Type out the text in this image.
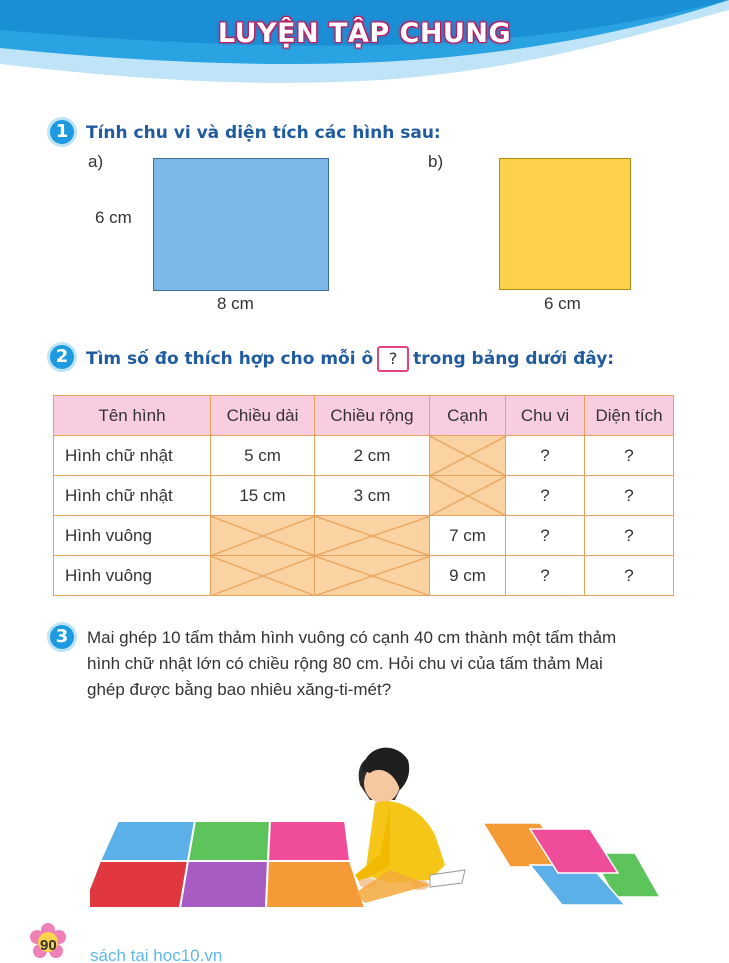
LUYỆN TẬP CHUNG
1	Tính chu vi và diện tích các hình sau:
a)
6 cm
8 cm
b)
6 cm
2	Tìm số đo thích hợp cho mỗi ô ? trong bảng dưới đây:
Tên hình	Chiều dài	Chiều rộng	Cạnh	Chu vi	Diện tích
Hình chữ nhật	5 cm	2 cm		?	?
Hình chữ nhật	15 cm	3 cm		?	?
Hình vuông			7 cm	?	?
Hình vuông			9 cm	?	?
3	Mai ghép 10 tấm thảm hình vuông có cạnh 40 cm thành một tấm thảm
hình chữ nhật lớn có chiều rộng 80 cm. Hỏi chu vi của tấm thảm Mai
ghép được bằng bao nhiêu xăng-ti-mét?
90
sách tai hoc10.vn
